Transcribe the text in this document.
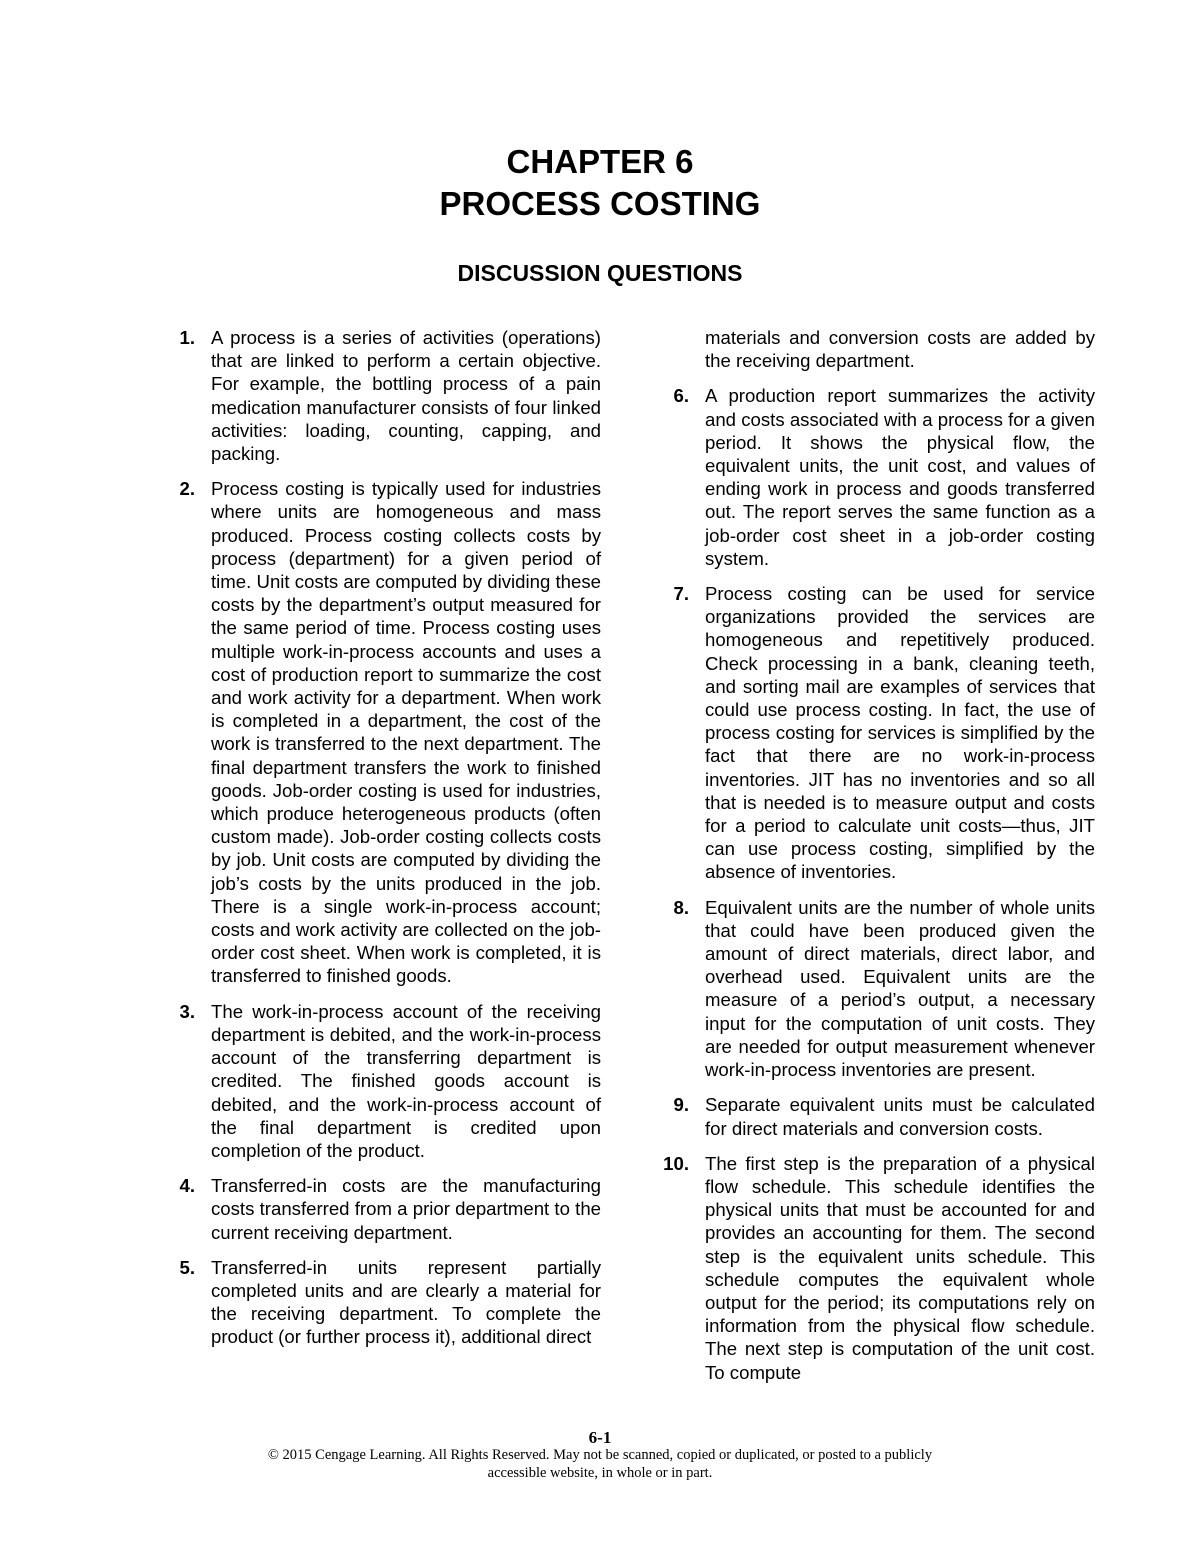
CHAPTER 6
PROCESS COSTING
DISCUSSION QUESTIONS
1. A process is a series of activities (operations) that are linked to perform a certain objective. For example, the bottling process of a pain medication manufacturer consists of four linked activities: loading, counting, capping, and packing.
2. Process costing is typically used for industries where units are homogeneous and mass produced. Process costing collects costs by process (department) for a given period of time. Unit costs are computed by dividing these costs by the department’s output measured for the same period of time. Process costing uses multiple work-in-process accounts and uses a cost of production report to summarize the cost and work activity for a department. When work is completed in a department, the cost of the work is transferred to the next department. The final department transfers the work to finished goods. Job-order costing is used for industries, which produce heterogeneous products (often custom made). Job-order costing collects costs by job. Unit costs are computed by dividing the job’s costs by the units produced in the job. There is a single work-in-process account; costs and work activity are collected on the job-order cost sheet. When work is completed, it is transferred to finished goods.
3. The work-in-process account of the receiving department is debited, and the work-in-process account of the transferring department is credited. The finished goods account is debited, and the work-in-process account of the final department is credited upon completion of the product.
4. Transferred-in costs are the manufacturing costs transferred from a prior department to the current receiving department.
5. Transferred-in units represent partially completed units and are clearly a material for the receiving department. To complete the product (or further process it), additional direct
materials and conversion costs are added by the receiving department.
6. A production report summarizes the activity and costs associated with a process for a given period. It shows the physical flow, the equivalent units, the unit cost, and values of ending work in process and goods transferred out. The report serves the same function as a job-order cost sheet in a job-order costing system.
7. Process costing can be used for service organizations provided the services are homogeneous and repetitively produced. Check processing in a bank, cleaning teeth, and sorting mail are examples of services that could use process costing. In fact, the use of process costing for services is simplified by the fact that there are no work-in-process inventories. JIT has no inventories and so all that is needed is to measure output and costs for a period to calculate unit costs—thus, JIT can use process costing, simplified by the absence of inventories.
8. Equivalent units are the number of whole units that could have been produced given the amount of direct materials, direct labor, and overhead used. Equivalent units are the measure of a period’s output, a necessary input for the computation of unit costs. They are needed for output measurement whenever work-in-process inventories are present.
9. Separate equivalent units must be calculated for direct materials and conversion costs.
10. The first step is the preparation of a physical flow schedule. This schedule identifies the physical units that must be accounted for and provides an accounting for them. The second step is the equivalent units schedule. This schedule computes the equivalent whole output for the period; its computations rely on information from the physical flow schedule. The next step is computation of the unit cost. To compute
6-1
© 2015 Cengage Learning. All Rights Reserved. May not be scanned, copied or duplicated, or posted to a publicly
accessible website, in whole or in part.
